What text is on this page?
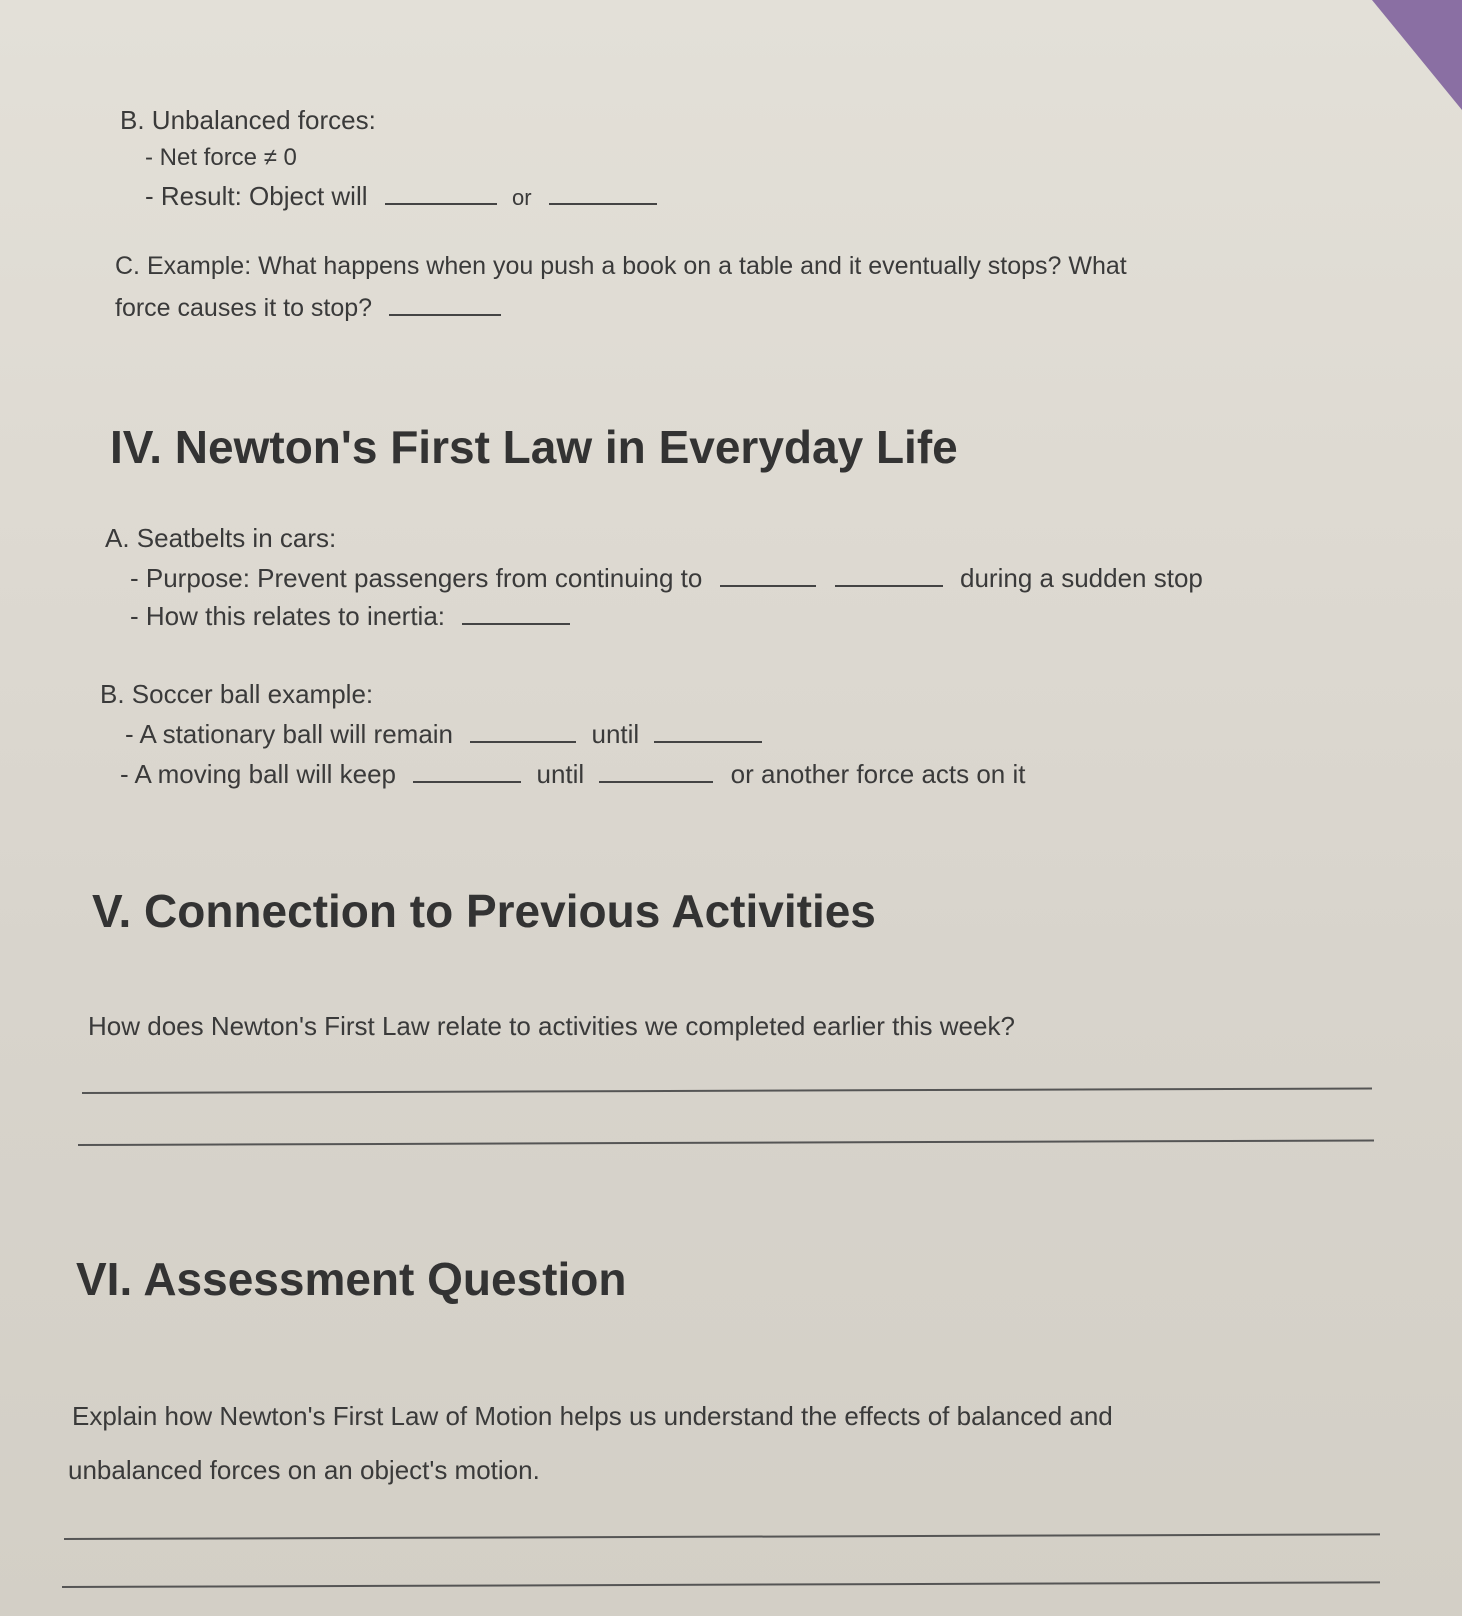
B. Unbalanced forces:
- Net force ≠ 0
- Result: Object will	or
C. Example: What happens when you push a book on a table and it eventually stops? What
force causes it to stop?
IV. Newton's First Law in Everyday Life
A. Seatbelts in cars:
- Purpose: Prevent passengers from continuing to	during a sudden stop
- How this relates to inertia:
B. Soccer ball example:
- A stationary ball will remain	until
- A moving ball will keep	until	or another force acts on it
V. Connection to Previous Activities
How does Newton's First Law relate to activities we completed earlier this week?
VI. Assessment Question
Explain how Newton's First Law of Motion helps us understand the effects of balanced and
unbalanced forces on an object's motion.
